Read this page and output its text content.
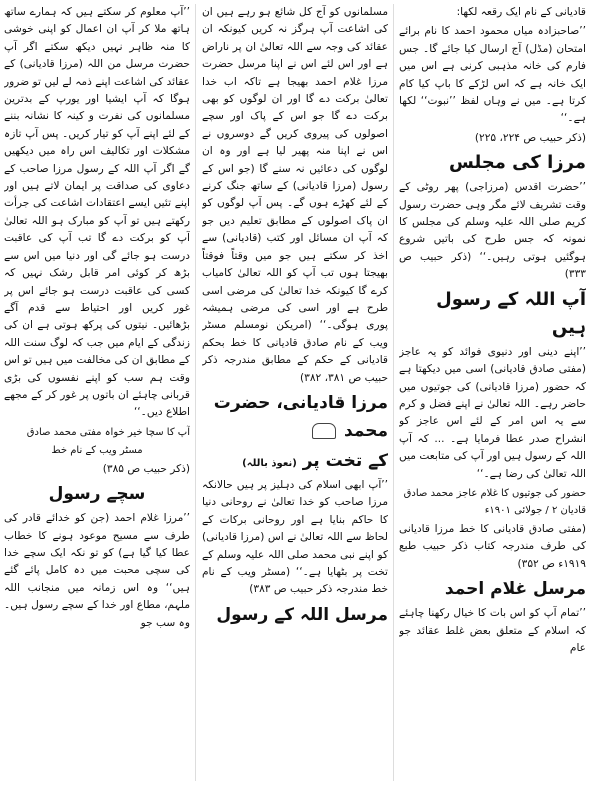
قادیانی کے نام ایک رقعہ لکھا:

’’صاحبزادہ میاں محمود احمد کا نام برائے امتحان (مڈل) آج ارسال کیا جائے گا۔ جس فارم کی خانہ مذہبی کرنی ہے اس میں ایک خانہ ہے کہ اس لڑکے کا باپ کیا کام کرتا ہے۔ میں نے وہاں لفظ ’’نبوت‘‘ لکھا ہے۔‘‘

(ذکر حبیب ص ۲۲۴، ۲۲۵)

مرزا کی مجلس

’’حضرت اقدس (مرزاجی) پھر روٹی کے وقت تشریف لائے مگر وہی حضرت رسول کریم صلی اللہ علیہ وسلم کی مجلس کا نمونہ کہ جس طرح کی باتیں شروع ہوگئیں ہوتی رہیں۔‘‘ (ذکر حبیب ص ۳۳۳)

آپ اللہ کے رسول ہیں

’’اپنے دینی اور دنیوی فوائد کو یہ عاجز (مفتی صادق قادیانی) اسی میں دیکھتا ہے کہ حضور (مرزا قادیانی) کی جوتیوں میں حاضر رہے۔ اللہ تعالیٰ نے اپنے فضل و کرم سے یہ اس امر کے لئے اس عاجز کو انشراح صدر عطا فرمایا ہے۔ ... کہ آپ اللہ کے رسول ہیں اور آپ کی متابعت میں اللہ تعالیٰ کی رضا ہے۔‘‘

حضور کی جوتیوں کا غلام عاجز محمد صادق قادیان ۲ / جولائی ۱۹۰۱ء

(مفتی صادق قادیانی کا خط مرزا قادیانی کی طرف مندرجہ کتاب ذکر حبیب طبع ۱۹۱۹ء ص ۳۵۲)

مرسل غلام احمد

’’تمام آپ کو اس بات کا خیال رکھنا چاہئے کہ اسلام کے متعلق بعض غلط عقائد جو عام

مسلمانوں کو آج کل شائع ہو رہے ہیں ان کی اشاعت آپ ہرگز نہ کریں کیونکہ ان عقائد کی وجہ سے اللہ تعالیٰ ان پر ناراض ہے اور اس لئے اس نے اپنا مرسل حضرت مرزا غلام احمد بھیجا ہے تاکہ اب خدا تعالیٰ برکت دے گا اور ان لوگوں کو بھی برکت دے گا جو اس کے پاک اور سچے اصولوں کی پیروی کریں گے دوسروں نے اس نے اپنا منہ پھیر لیا ہے اور وہ ان لوگوں کی دعائیں نہ سنے گا (جو اس کے رسول (مرزا قادیانی) کے ساتھ جنگ کرنے کے لئے کھڑے ہوں گے۔ پس آپ لوگوں کو ان پاک اصولوں کے مطابق تعلیم دیں جو کہ آپ ان مسائل اور کتب (قادیانی) سے اخذ کر سکتے ہیں جو میں وقتاً فوقتاً بھیجتا ہوں تب آپ کو اللہ تعالیٰ کامیاب کرے گا کیونکہ خدا تعالیٰ کی مرضی اسی طرح ہے اور اسی کی مرضی ہمیشہ پوری ہوگی۔‘‘ (امریکن نومسلم مسٹر ویب کے نام صادق قادیانی کا خط بحکم قادیانی کے حکم کے مطابق مندرجہ ذکر حبیب ص ۳۸۱، ۳۸۲)

مرزا قادیانی، حضرت محمد
کے تخت پر (نعوذ باللہ)

’’آپ ابھی اسلام کی دہلیز پر ہیں حالانکہ مرزا صاحب کو خدا تعالیٰ نے روحانی دنیا کا حاکم بنایا ہے اور روحانی برکات کے لحاظ سے اللہ تعالیٰ نے اس (مرزا قادیانی) کو اپنے نبی محمد صلی اللہ علیہ وسلم کے تخت پر بٹھایا ہے۔‘‘ (مسٹر ویب کے نام خط مندرجہ ذکر حبیب ص ۳۸۳)

مرسل اللہ کے رسول

’’آپ معلوم کر سکتے ہیں کہ ہمارے ساتھ ہاتھ ملا کر آپ ان اعمال کو اپنی خوشی کا منہ ظاہر نہیں دیکھ سکتے اگر آپ حضرت مرسل من اللہ (مرزا قادیانی) کے عقائد کی اشاعت اپنے ذمہ لے لیں تو ضرور ہوگا کہ آپ ایشیا اور یورپ کے بدترین مسلمانوں کی نفرت و کینہ کا نشانہ بننے کے لئے اپنے آپ کو تیار کریں۔ پس آپ تازہ مشکلات اور تکالیف اس راہ میں دیکھیں گے اگر آپ اللہ کے رسول مرزا صاحب کے دعاوی کی صداقت پر ایمان لاتے ہیں اور اپنے تئیں ایسے اعتقادات اشاعت کی جرأت رکھتے ہیں تو آپ کو مبارک ہو اللہ تعالیٰ آپ کو برکت دے گا تب آپ کی عاقبت درست ہو جائے گی اور دنیا میں اس سے بڑھ کر کوئی امر قابل رشک نہیں کہ کسی کی عاقبت درست ہو جائے اس پر غور کریں اور احتیاط سے قدم آگے بڑھائیں۔ نیتوں کی پرکھ ہوتی ہے ان کی زندگی کے ایام میں جب کہ لوگ سنت اللہ کے مطابق ان کی مخالفت میں ہیں تو اس وقت ہم سب کو اپنے نفسوں کی بڑی قربانی چاہئے ان باتوں پر غور کر کے مجھے اطلاع دیں۔‘‘

آپ کا سچا خیر خواہ مفتی محمد صادق

مسٹر ویب کے نام خط

(ذکر حبیب ص ۳۸۵)

سچے رسول

’’مرزا غلام احمد (جن کو خدائے قادر کی طرف سے مسیح موعود ہونے کا خطاب عطا کیا گیا ہے) کو تو نکہ ایک سچے خدا کی سچی محبت میں دہ کامل پائے گئے ہیں‘‘ وہ اس زمانہ میں منجانب اللہ ملہم، مطاع اور خدا کے سچے رسول ہیں۔ وہ سب جو
